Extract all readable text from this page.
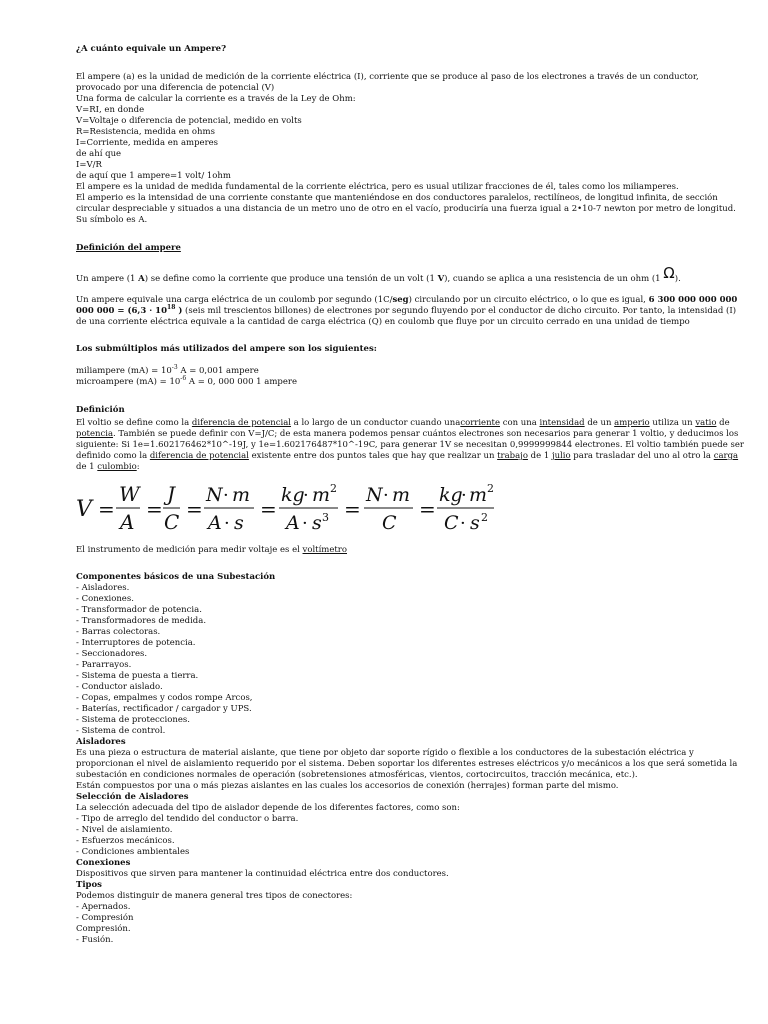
¿A cuánto equivale un Ampere?
El ampere (a) es la unidad de medición de la corriente eléctrica (I), corriente que se produce al paso de los electrones a través de un conductor,
provocado por una diferencia de potencial (V)
Una forma de calcular la corriente es a través de la Ley de Ohm:
V=RI, en donde
V=Voltaje o diferencia de potencial, medido en volts
R=Resistencia, medida en ohms
I=Corriente, medida en amperes
de ahí que
I=V/R
de aquí que 1 ampere=1 volt/ 1ohm
El ampere es la unidad de medida fundamental de la corriente eléctrica, pero es usual utilizar fracciones de él, tales como los miliamperes.
El amperio es la intensidad de una corriente constante que manteniéndose en dos conductores paralelos, rectilíneos, de longitud infinita, de sección
circular despreciable y situados a una distancia de un metro uno de otro en el vacío, produciría una fuerza igual a 2•10-7 newton por metro de longitud.
Su símbolo es A.
Definición del ampere
Un ampere (1 A) se define como la corriente que produce una tensión de un volt (1 V), cuando se aplica a una resistencia de un ohm (1 Ω).
Un ampere equivale una carga eléctrica de un coulomb por segundo (1C/seg) circulando por un circuito eléctrico, o lo que es igual, 6 300 000 000 000
000 $000 = (6,3 \cdot 10^{18}$ ) (seis mil trescientos billones) de electrones por segundo fluyendo por el conductor de dicho circuito. Por tanto, la intensidad (I)
de una corriente eléctrica equivale a la cantidad de carga eléctrica (Q) en coulomb que fluye por un circuito cerrado en una unidad de tiempo
Los submúltiplos más utilizados del ampere son los siguientes:
miliampere $(mA) = 10^{-3}$ A = 0,001 ampere
microampere $(mA) = 10^{-6}$ A = 0, 000 000 1 ampere
Definición
El voltio se define como la diferencia de potencial a lo largo de un conductor cuando unacorriente con una intensidad de un amperio utiliza un vatio de
potencia. También se puede definir con V=J/C; de esta manera podemos pensar cuántos electrones son necesarios para generar 1 voltio, y deducimos los
siguiente: Si 1e=1.602176462*10^-19J, y 1e=1.602176487*10^-19C, para generar 1V se necesitan 0,9999999844 electrones. El voltio también puede ser
definido como la diferencia de potencial existente entre dos puntos tales que hay que realizar un trabajo de 1 julio para trasladar del uno al otro la carga
de 1 culombio:
V =
W
A
=
J
C
=
N · m
A · s
=
kg
· m 2
A · s 3 =
N · m
C
=
kg
· m 2
C · s 2
El instrumento de medición para medir voltaje es el voltímetro
Componentes básicos de una Subestación
- Aisladores.
- Conexiones.
- Transformador de potencia.
- Transformadores de medida.
- Barras colectoras.
- Interruptores de potencia.
- Seccionadores.
- Pararrayos.
- Sistema de puesta a tierra.
- Conductor aislado.
- Copas, empalmes y codos rompe Arcos,
- Baterías, rectificador / cargador y UPS.
- Sistema de protecciones.
- Sistema de control.
Aisladores
Es una pieza o estructura de material aislante, que tiene por objeto dar soporte rígido o flexible a los conductores de la subestación eléctrica y
proporcionan el nivel de aislamiento requerido por el sistema. Deben soportar los diferentes estreses eléctricos y/o mecánicos a los que será sometida la
subestación en condiciones normales de operación (sobretensiones atmosféricas, vientos, cortocircuitos, tracción mecánica, etc.).
Están compuestos por una o más piezas aislantes en las cuales los accesorios de conexión (herrajes) forman parte del mismo.
Selección de Aisladores
La selección adecuada del tipo de aislador depende de los diferentes factores, como son:
- Tipo de arreglo del tendido del conductor o barra.
- Nivel de aislamiento.
- Esfuerzos mecánicos.
- Condiciones ambientales
Conexiones
Dispositivos que sirven para mantener la continuidad eléctrica entre dos conductores.
Tipos
Podemos distinguir de manera general tres tipos de conectores:
- Apernados.
- Compresión
Compresión.
- Fusión.
